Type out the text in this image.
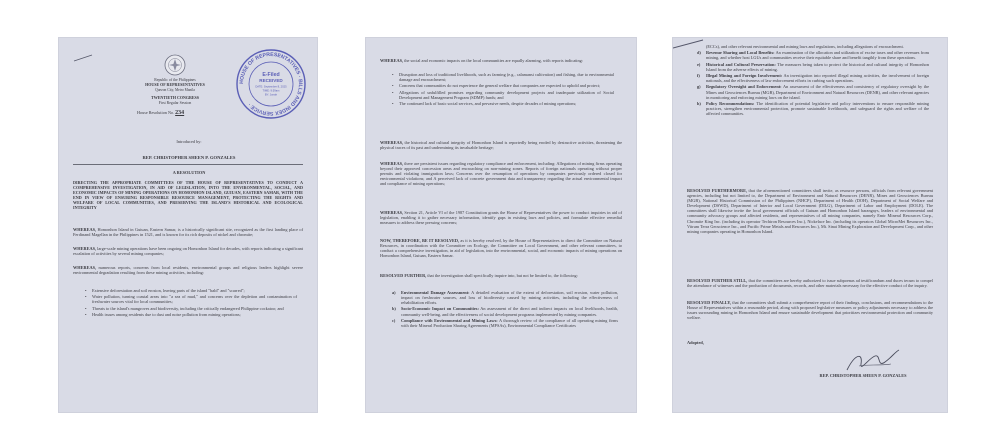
Republic of the Philippines
HOUSE OF REPRESENTATIVES
Quezon City, Metro Manila
TWENTIETH CONGRESS
First Regular Session
House Resolution No. 234
HOUSE OF REPRESENTATIVES · BILLS AND INDEX SERVICE ·
E-Filed
RECEIVED
DATE: September 8, 2025
TIME: 9:59am
BY: Jonah
Introduced by:
REP. CHRISTOPHER SHEEN P. GONZALES
A RESOLUTION
DIRECTING THE APPROPRIATE COMMITTEES OF THE HOUSE OF REPRESENTATIVES TO CONDUCT A COMPREHENSIVE INVESTIGATION, IN AID OF LEGISLATION, INTO THE ENVIRONMENTAL, SOCIAL, AND ECONOMIC IMPACTS OF MINING OPERATIONS ON HOMONHON ISLAND, GUIUAN, EASTERN SAMAR, WITH THE END IN VIEW OF ENSURING RESPONSIBLE RESOURCE MANAGEMENT, PROTECTING THE RIGHTS AND WELFARE OF LOCAL COMMUNITIES, AND PRESERVING THE ISLAND'S HISTORICAL AND ECOLOGICAL INTEGRITY
WHEREAS, Homonhon Island in Guiuan, Eastern Samar, is a historically significant site, recognized as the first landing place of Ferdinand Magellan in the Philippines in 1521, and is known for its rich deposits of nickel and chromite;
WHEREAS, large-scale mining operations have been ongoing on Homonhon Island for decades, with reports indicating a significant escalation of activities by several mining companies;
WHEREAS, numerous reports, concerns from local residents, environmental groups and religious leaders highlight severe environmental degradation resulting from these mining activities, including:
• Extensive deforestation and soil erosion, leaving parts of the island "bald" and "scarred";
• Water pollution, turning coastal areas into "a sea of mud," and concerns over the depletion and contamination of freshwater sources vital for local communities;
• Threats to the island's mangroves and biodiversity, including the critically endangered Philippine cockatoo; and
• Health issues among residents due to dust and noise pollution from mining operations;
WHEREAS, the social and economic impacts on the local communities are equally alarming, with reports indicating:
• Disruption and loss of traditional livelihoods, such as farming (e.g., calamansi cultivation) and fishing, due to environmental damage and encroachment;
• Concerns that communities do not experience the general welfare that companies are expected to uphold and protect;
• Allegations of unfulfilled promises regarding community development projects and inadequate utilization of Social Development and Management Program (SDMP) funds; and
• The continued lack of basic social services, and pervasive needs, despite decades of mining operations;
WHEREAS, the historical and cultural integrity of Homonhon Island is reportedly being eroded by destructive activities, threatening the physical traces of its past and undermining its invaluable heritage;
WHEREAS, there are persistent issues regarding regulatory compliance and enforcement, including: Allegations of mining firms operating beyond their approved concession areas and encroaching on non-mining zones. Reports of foreign nationals operating without proper permits and violating immigration laws; Concerns over the resumption of operations by companies previously ordered closed for environmental violations; and A perceived lack of concrete government data and transparency regarding the actual environmental impact and compliance of mining operations;
WHEREAS, Section 21, Article VI of the 1987 Constitution grants the House of Representatives the power to conduct inquiries in aid of legislation, enabling it to gather necessary information, identify gaps in existing laws and policies, and formulate effective remedial measures to address these pressing concerns;
NOW, THEREFORE, BE IT RESOLVED, as it is hereby resolved, by the House of Representatives to direct the Committee on Natural Resources, in coordination with the Committee on Ecology, the Committee on Local Government, and other relevant committees, to conduct a comprehensive investigation, in aid of legislation, into the environmental, social, and economic impacts of mining operations on Homonhon Island, Guiuan, Eastern Samar.
RESOLVED FURTHER, that the investigation shall specifically inquire into, but not be limited to, the following:
a) Environmental Damage Assessment: A detailed evaluation of the extent of deforestation, soil erosion, water pollution, impact on freshwater sources, and loss of biodiversity caused by mining activities, including the effectiveness of rehabilitation efforts.
b) Socio-Economic Impact on Communities: An assessment of the direct and indirect impacts on local livelihoods, health, community well-being, and the effectiveness of social development programs implemented by mining companies.
c) Compliance with Environmental and Mining Laws: A thorough review of the compliance of all operating mining firms with their Mineral Production Sharing Agreements (MPSAs), Environmental Compliance Certificates
(ECCs), and other relevant environmental and mining laws and regulations, including allegations of encroachment.
d) Revenue Sharing and Local Benefits: An examination of the allocation and utilization of excise taxes and other revenues from mining, and whether host LGUs and communities receive their equitable share and benefit tangibly from these operations.
e) Historical and Cultural Preservation: The measures being taken to protect the historical and cultural integrity of Homonhon Island from the adverse effects of mining.
f) Illegal Mining and Foreign Involvement: An investigation into reported illegal mining activities, the involvement of foreign nationals, and the effectiveness of law enforcement efforts in curbing such operations.
g) Regulatory Oversight and Enforcement: An assessment of the effectiveness and consistency of regulatory oversight by the Mines and Geosciences Bureau (MGB), Department of Environment and Natural Resources (DENR), and other relevant agencies in monitoring and enforcing mining laws on the island.
h) Policy Recommendations: The identification of potential legislative and policy interventions to ensure responsible mining practices, strengthen environmental protection, promote sustainable livelihoods, and safeguard the rights and welfare of the affected communities.
RESOLVED FURTHERMORE, that the aforementioned committees shall invite, as resource persons, officials from relevant government agencies, including but not limited to, the Department of Environment and Natural Resources (DENR), Mines and Geosciences Bureau (MGB), National Historical Commission of the Philippines (NHCP), Department of Health (DOH), Department of Social Welfare and Development (DSWD), Department of Interior and Local Government (DILG), Department of Labor and Employment (DOLE). The committees shall likewise invite the local government officials of Guiuan and Homonhon Island barangays, leaders of environmental and community advocacy groups and affected residents, and representatives of all mining companies, namely Emir Mineral Resources Corp., Chromite King Inc. (including its operator Techiron Resources Inc.), Nickelace Inc. (including its operators Global MicroMet Resources Inc., Vitrum Terra Geoscience Inc., and Pacific Prime Metals and Resources Inc.), Mt. Sinai Mining Exploration and Development Corp., and other mining companies operating in Homonhon Island.
RESOLVED FURTHER STILL, that the committees are hereby authorized to issue subpoenas ad testificandum and duces tecum to compel the attendance of witnesses and the production of documents, records, and other materials necessary for the effective conduct of the inquiry.
RESOLVED FINALLY, that the committees shall submit a comprehensive report of their findings, conclusions, and recommendations to the House of Representatives within a reasonable period, along with proposed legislative measures or policy adjustments necessary to address the issues surrounding mining in Homonhon Island and ensure sustainable development that prioritizes environmental protection and community welfare.
Adopted,
REP. CHRISTOPHER SHEEN P. GONZALES
